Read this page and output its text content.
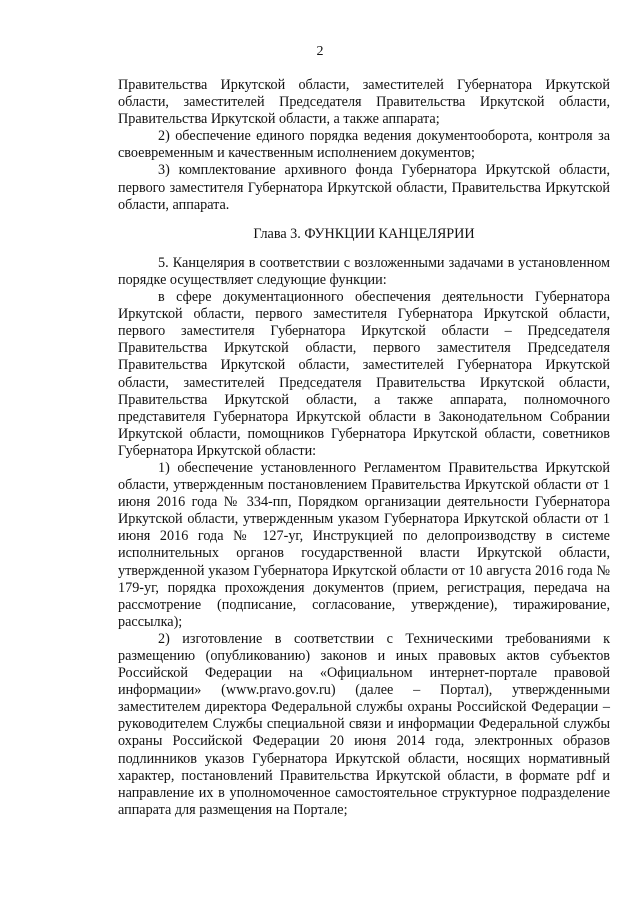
2

Правительства Иркутской области, заместителей Губернатора Иркутской области, заместителей Председателя Правительства Иркутской области, Правительства Иркутской области, а также аппарата;

2) обеспечение единого порядка ведения документооборота, контроля за своевременным и качественным исполнением документов;

3) комплектование архивного фонда Губернатора Иркутской области, первого заместителя Губернатора Иркутской области, Правительства Иркутской области, аппарата.

Глава 3. ФУНКЦИИ КАНЦЕЛЯРИИ

5. Канцелярия в соответствии с возложенными задачами в установленном порядке осуществляет следующие функции:

в сфере документационного обеспечения деятельности Губернатора Иркутской области, первого заместителя Губернатора Иркутской области, первого заместителя Губернатора Иркутской области – Председателя Правительства Иркутской области, первого заместителя Председателя Правительства Иркутской области, заместителей Губернатора Иркутской области, заместителей Председателя Правительства Иркутской области, Правительства Иркутской области, а также аппарата, полномочного представителя Губернатора Иркутской области в Законодательном Собрании Иркутской области, помощников Губернатора Иркутской области, советников Губернатора Иркутской области:

1) обеспечение установленного Регламентом Правительства Иркутской области, утвержденным постановлением Правительства Иркутской области от 1 июня 2016 года № 334-пп, Порядком организации деятельности Губернатора Иркутской области, утвержденным указом Губернатора Иркутской области от 1 июня 2016 года № 127-уг, Инструкцией по делопроизводству в системе исполнительных органов государственной власти Иркутской области, утвержденной указом Губернатора Иркутской области от 10 августа 2016 года № 179-уг, порядка прохождения документов (прием, регистрация, передача на рассмотрение (подписание, согласование, утверждение), тиражирование, рассылка);

2) изготовление в соответствии с Техническими требованиями к размещению (опубликованию) законов и иных правовых актов субъектов Российской Федерации на «Официальном интернет-портале правовой информации» (www.pravo.gov.ru) (далее – Портал), утвержденными заместителем директора Федеральной службы охраны Российской Федерации – руководителем Службы специальной связи и информации Федеральной службы охраны Российской Федерации 20 июня 2014 года, электронных образов подлинников указов Губернатора Иркутской области, носящих нормативный характер, постановлений Правительства Иркутской области, в формате pdf и направление их в уполномоченное самостоятельное структурное подразделение аппарата для размещения на Портале;
